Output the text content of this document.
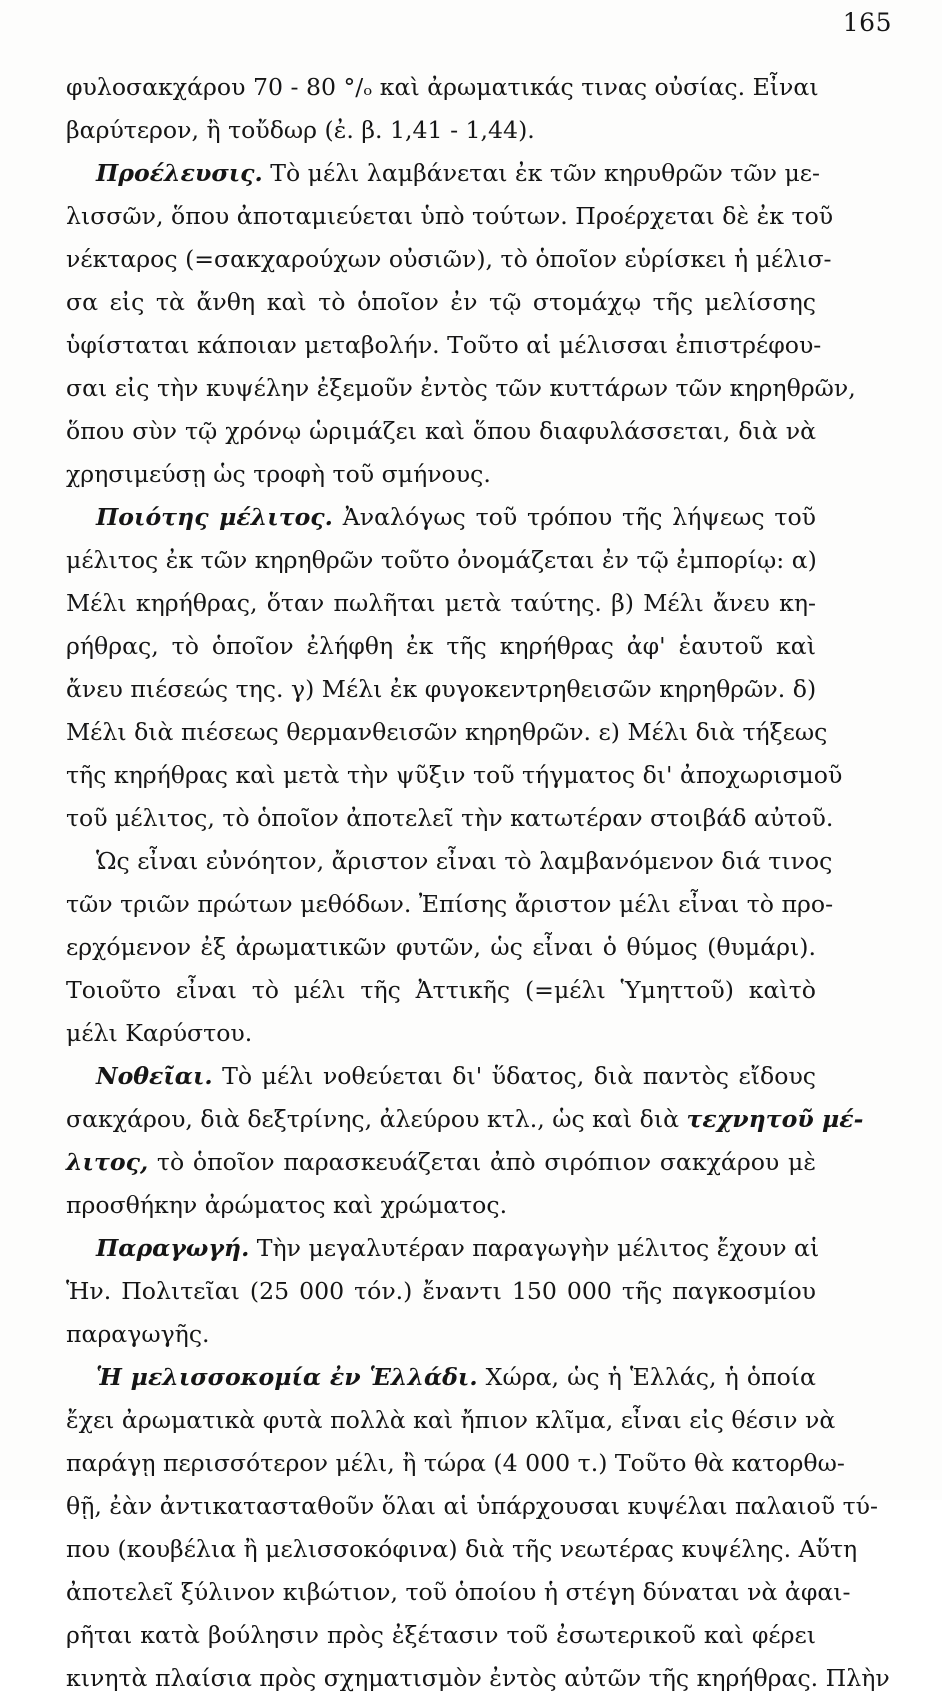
165
φυλοσακχάρου 70 - 80 °/ₒ καὶ ἀρωματικάς τινας οὐσίας. Εἶναι
βαρύτερον, ἢ τοὔδωρ (ἐ. β. 1,41 - 1,44).
Προέλευσις. Τὸ μέλι λαμβάνεται ἐκ τῶν κηρυθρῶν τῶν με-
λισσῶν, ὅπου ἀποταμιεύεται ὑπὸ τούτων. Προέρχεται δὲ ἐκ τοῦ
νέκταρος (=σακχαρούχων οὐσιῶν), τὸ ὁποῖον εὑρίσκει ἡ μέλισ-
σα εἰς τὰ ἄνθη καὶ τὸ ὁποῖον ἐν τῷ στομάχῳ τῆς μελίσσης
ὑφίσταται κάποιαν μεταβολήν. Τοῦτο αἱ μέλισσαι ἐπιστρέφου-
σαι εἰς τὴν κυψέλην ἐξεμοῦν ἐντὸς τῶν κυττάρων τῶν κηρηθρῶν,
ὅπου σὺν τῷ χρόνῳ ὡριμάζει καὶ ὅπου διαφυλάσσεται, διὰ νὰ
χρησιμεύσῃ ὡς τροφὴ τοῦ σμήνους.
Ποιότης μέλιτος. Ἀναλόγως τοῦ τρόπου τῆς λήψεως τοῦ
μέλιτος ἐκ τῶν κηρηθρῶν τοῦτο ὀνομάζεται ἐν τῷ ἐμπορίῳ: α)
Μέλι κηρήθρας, ὅταν πωλῆται μετὰ ταύτης. β) Μέλι ἄνευ κη-
ρήθρας, τὸ ὁποῖον ἐλήφθη ἐκ τῆς κηρήθρας ἀφ' ἑαυτοῦ καὶ
ἄνευ πιέσεώς της. γ) Μέλι ἐκ φυγοκεντρηθεισῶν κηρηθρῶν. δ)
Μέλι διὰ πιέσεως θερμανθεισῶν κηρηθρῶν. ε) Μέλι διὰ τήξεως
τῆς κηρήθρας καὶ μετὰ τὴν ψῦξιν τοῦ τήγματος δι' ἀποχωρισμοῦ
τοῦ μέλιτος, τὸ ὁποῖον ἀποτελεῖ τὴν κατωτέραν στοιβάδ αὐτοῦ.
Ὡς εἶναι εὐνόητον, ἄριστον εἶναι τὸ λαμβανόμενον διά τινος
τῶν τριῶν πρώτων μεθόδων. Ἐπίσης ἄριστον μέλι εἶναι τὸ προ-
ερχόμενον ἐξ ἀρωματικῶν φυτῶν, ὡς εἶναι ὁ θύμος (θυμάρι).
Τοιοῦτο εἶναι τὸ μέλι τῆς Ἀττικῆς (=μέλι Ὑμηττοῦ) καὶτὸ
μέλι Καρύστου.
Νοθεῖαι. Τὸ μέλι νοθεύεται δι' ὕδατος, διὰ παντὸς εἴδους
σακχάρου, διὰ δεξτρίνης, ἀλεύρου κτλ., ὡς καὶ διὰ τεχνητοῦ μέ-
λιτος, τὸ ὁποῖον παρασκευάζεται ἀπὸ σιρόπιον σακχάρου μὲ
προσθήκην ἀρώματος καὶ χρώματος.
Παραγωγή. Τὴν μεγαλυτέραν παραγωγὴν μέλιτος ἔχουν αἱ
Ἡν. Πολιτεῖαι (25 000 τόν.) ἔναντι 150 000 τῆς παγκοσμίου
παραγωγῆς.
Ἡ μελισσοκομία ἐν Ἑλλάδι. Χώρα, ὡς ἡ Ἑλλάς, ἡ ὁποία
ἔχει ἀρωματικὰ φυτὰ πολλὰ καὶ ἤπιον κλῖμα, εἶναι εἰς θέσιν νὰ
παράγῃ περισσότερον μέλι, ἢ τώρα (4 000 τ.) Τοῦτο θὰ κατορθω-
θῇ, ἐὰν ἀντικατασταθοῦν ὅλαι αἱ ὑπάρχουσαι κυψέλαι παλαιοῦ τύ-
που (κουβέλια ἢ μελισσοκόφινα) διὰ τῆς νεωτέρας κυψέλης. Αὕτη
ἀποτελεῖ ξύλινον κιβώτιον, τοῦ ὁποίου ἡ στέγη δύναται νὰ ἀφαι-
ρῆται κατὰ βούλησιν πρὸς ἐξέτασιν τοῦ ἐσωτερικοῦ καὶ φέρει
κινητὰ πλαίσια πρὸς σχηματισμὸν ἐντὸς αὐτῶν τῆς κηρήθρας. Πλὴν
